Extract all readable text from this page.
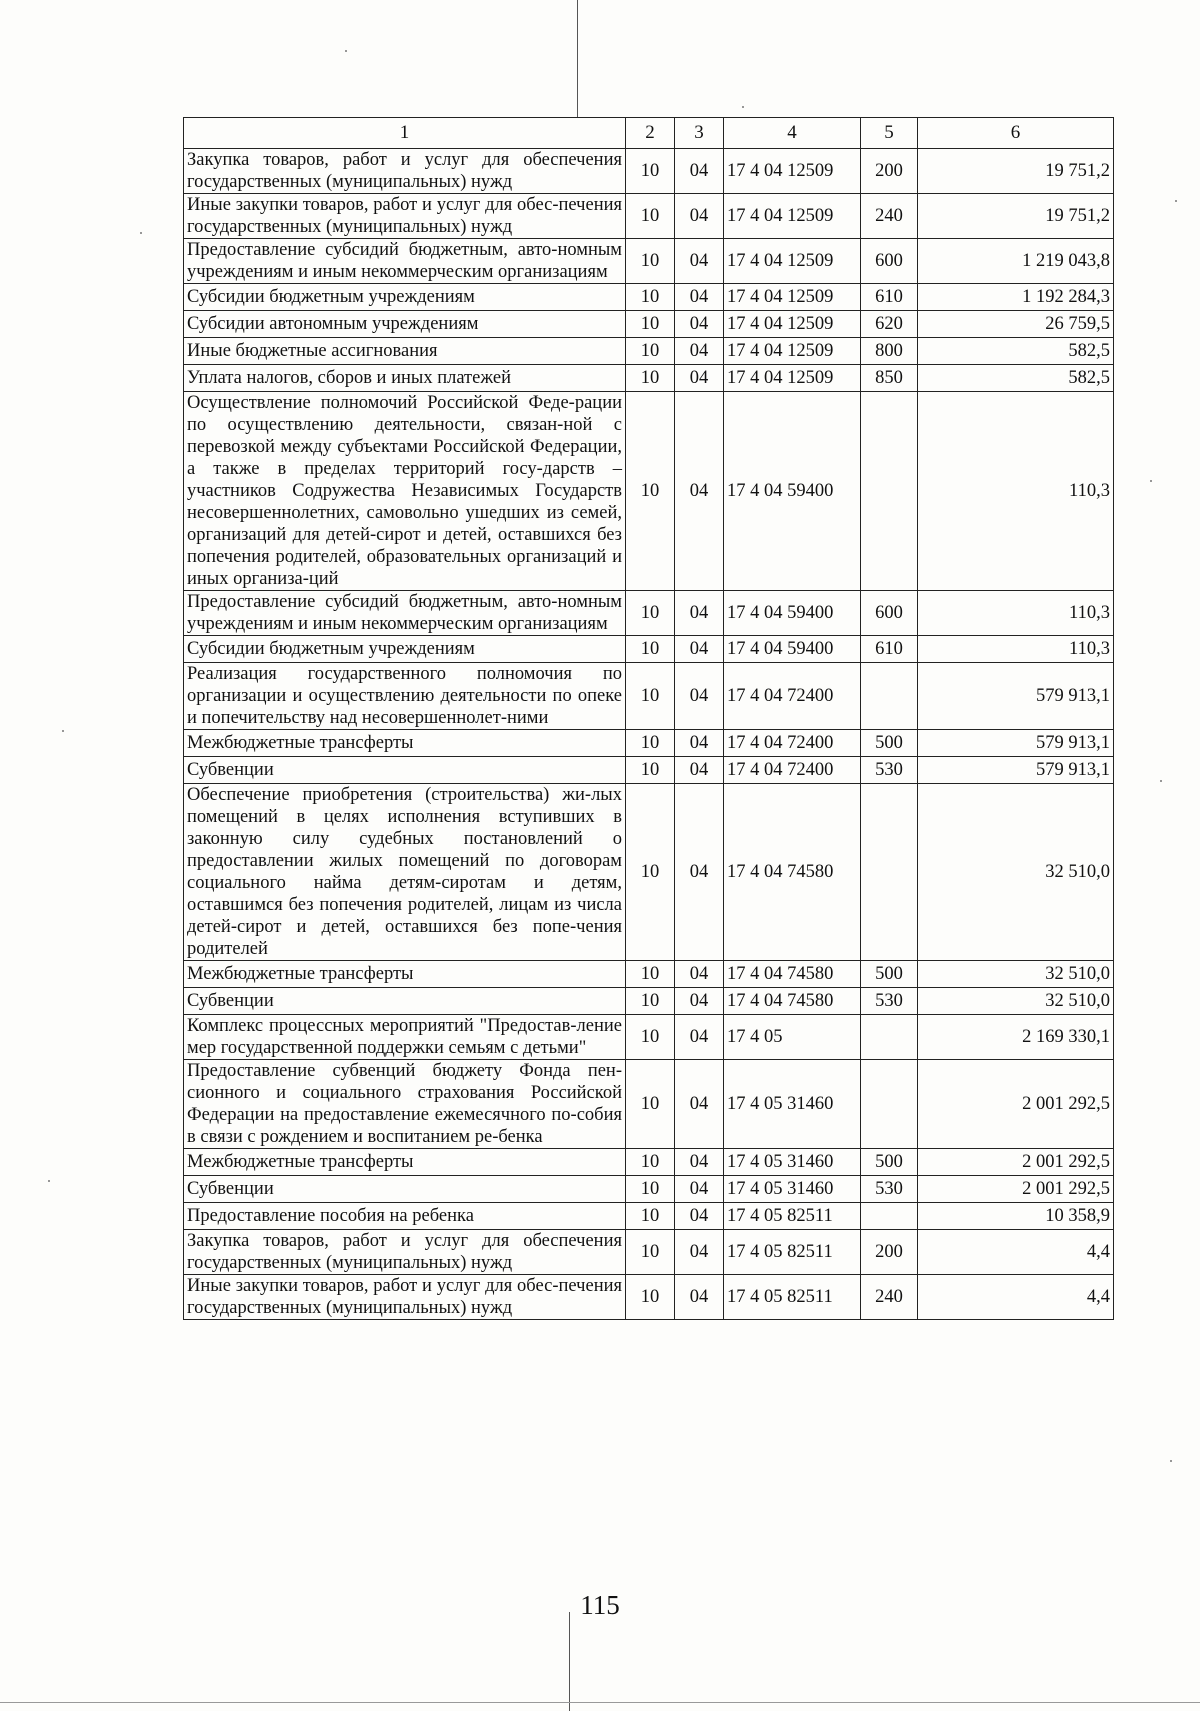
1	2	3	4	5	6
Закупка товаров, работ и услуг для обеспечения государственных (муниципальных) нужд	10	04	17 4 04 12509	200	19 751,2
Иные закупки товаров, работ и услуг для обес-печения государственных (муниципальных) нужд	10	04	17 4 04 12509	240	19 751,2
Предоставление субсидий бюджетным, авто-номным учреждениям и иным некоммерческим организациям	10	04	17 4 04 12509	600	1 219 043,8
Субсидии бюджетным учреждениям	10	04	17 4 04 12509	610	1 192 284,3
Субсидии автономным учреждениям	10	04	17 4 04 12509	620	26 759,5
Иные бюджетные ассигнования	10	04	17 4 04 12509	800	582,5
Уплата налогов, сборов и иных платежей	10	04	17 4 04 12509	850	582,5
Осуществление полномочий Российской Феде-рации по осуществлению деятельности, связан-ной с перевозкой между субъектами Российской Федерации, а также в пределах территорий госу-дарств – участников Содружества Независимых Государств несовершеннолетних, самовольно ушедших из семей, организаций для детей-сирот и детей, оставшихся без попечения родителей, образовательных организаций и иных организа-ций	10	04	17 4 04 59400		110,3
Предоставление субсидий бюджетным, авто-номным учреждениям и иным некоммерческим организациям	10	04	17 4 04 59400	600	110,3
Субсидии бюджетным учреждениям	10	04	17 4 04 59400	610	110,3
Реализация государственного полномочия по организации и осуществлению деятельности по опеке и попечительству над несовершеннолет-ними	10	04	17 4 04 72400		579 913,1
Межбюджетные трансферты	10	04	17 4 04 72400	500	579 913,1
Субвенции	10	04	17 4 04 72400	530	579 913,1
Обеспечение приобретения (строительства) жи-лых помещений в целях исполнения вступивших в законную силу судебных постановлений о предоставлении жилых помещений по договорам социального найма детям-сиротам и детям, оставшимся без попечения родителей, лицам из числа детей-сирот и детей, оставшихся без попе-чения родителей	10	04	17 4 04 74580		32 510,0
Межбюджетные трансферты	10	04	17 4 04 74580	500	32 510,0
Субвенции	10	04	17 4 04 74580	530	32 510,0
Комплекс процессных мероприятий "Предостав-ление мер государственной поддержки семьям с детьми"	10	04	17 4 05		2 169 330,1
Предоставление субвенций бюджету Фонда пен-сионного и социального страхования Российской Федерации на предоставление ежемесячного по-собия в связи с рождением и воспитанием ре-бенка	10	04	17 4 05 31460		2 001 292,5
Межбюджетные трансферты	10	04	17 4 05 31460	500	2 001 292,5
Субвенции	10	04	17 4 05 31460	530	2 001 292,5
Предоставление пособия на ребенка	10	04	17 4 05 82511		10 358,9
Закупка товаров, работ и услуг для обеспечения государственных (муниципальных) нужд	10	04	17 4 05 82511	200	4,4
Иные закупки товаров, работ и услуг для обес-печения государственных (муниципальных) нужд	10	04	17 4 05 82511	240	4,4
115
